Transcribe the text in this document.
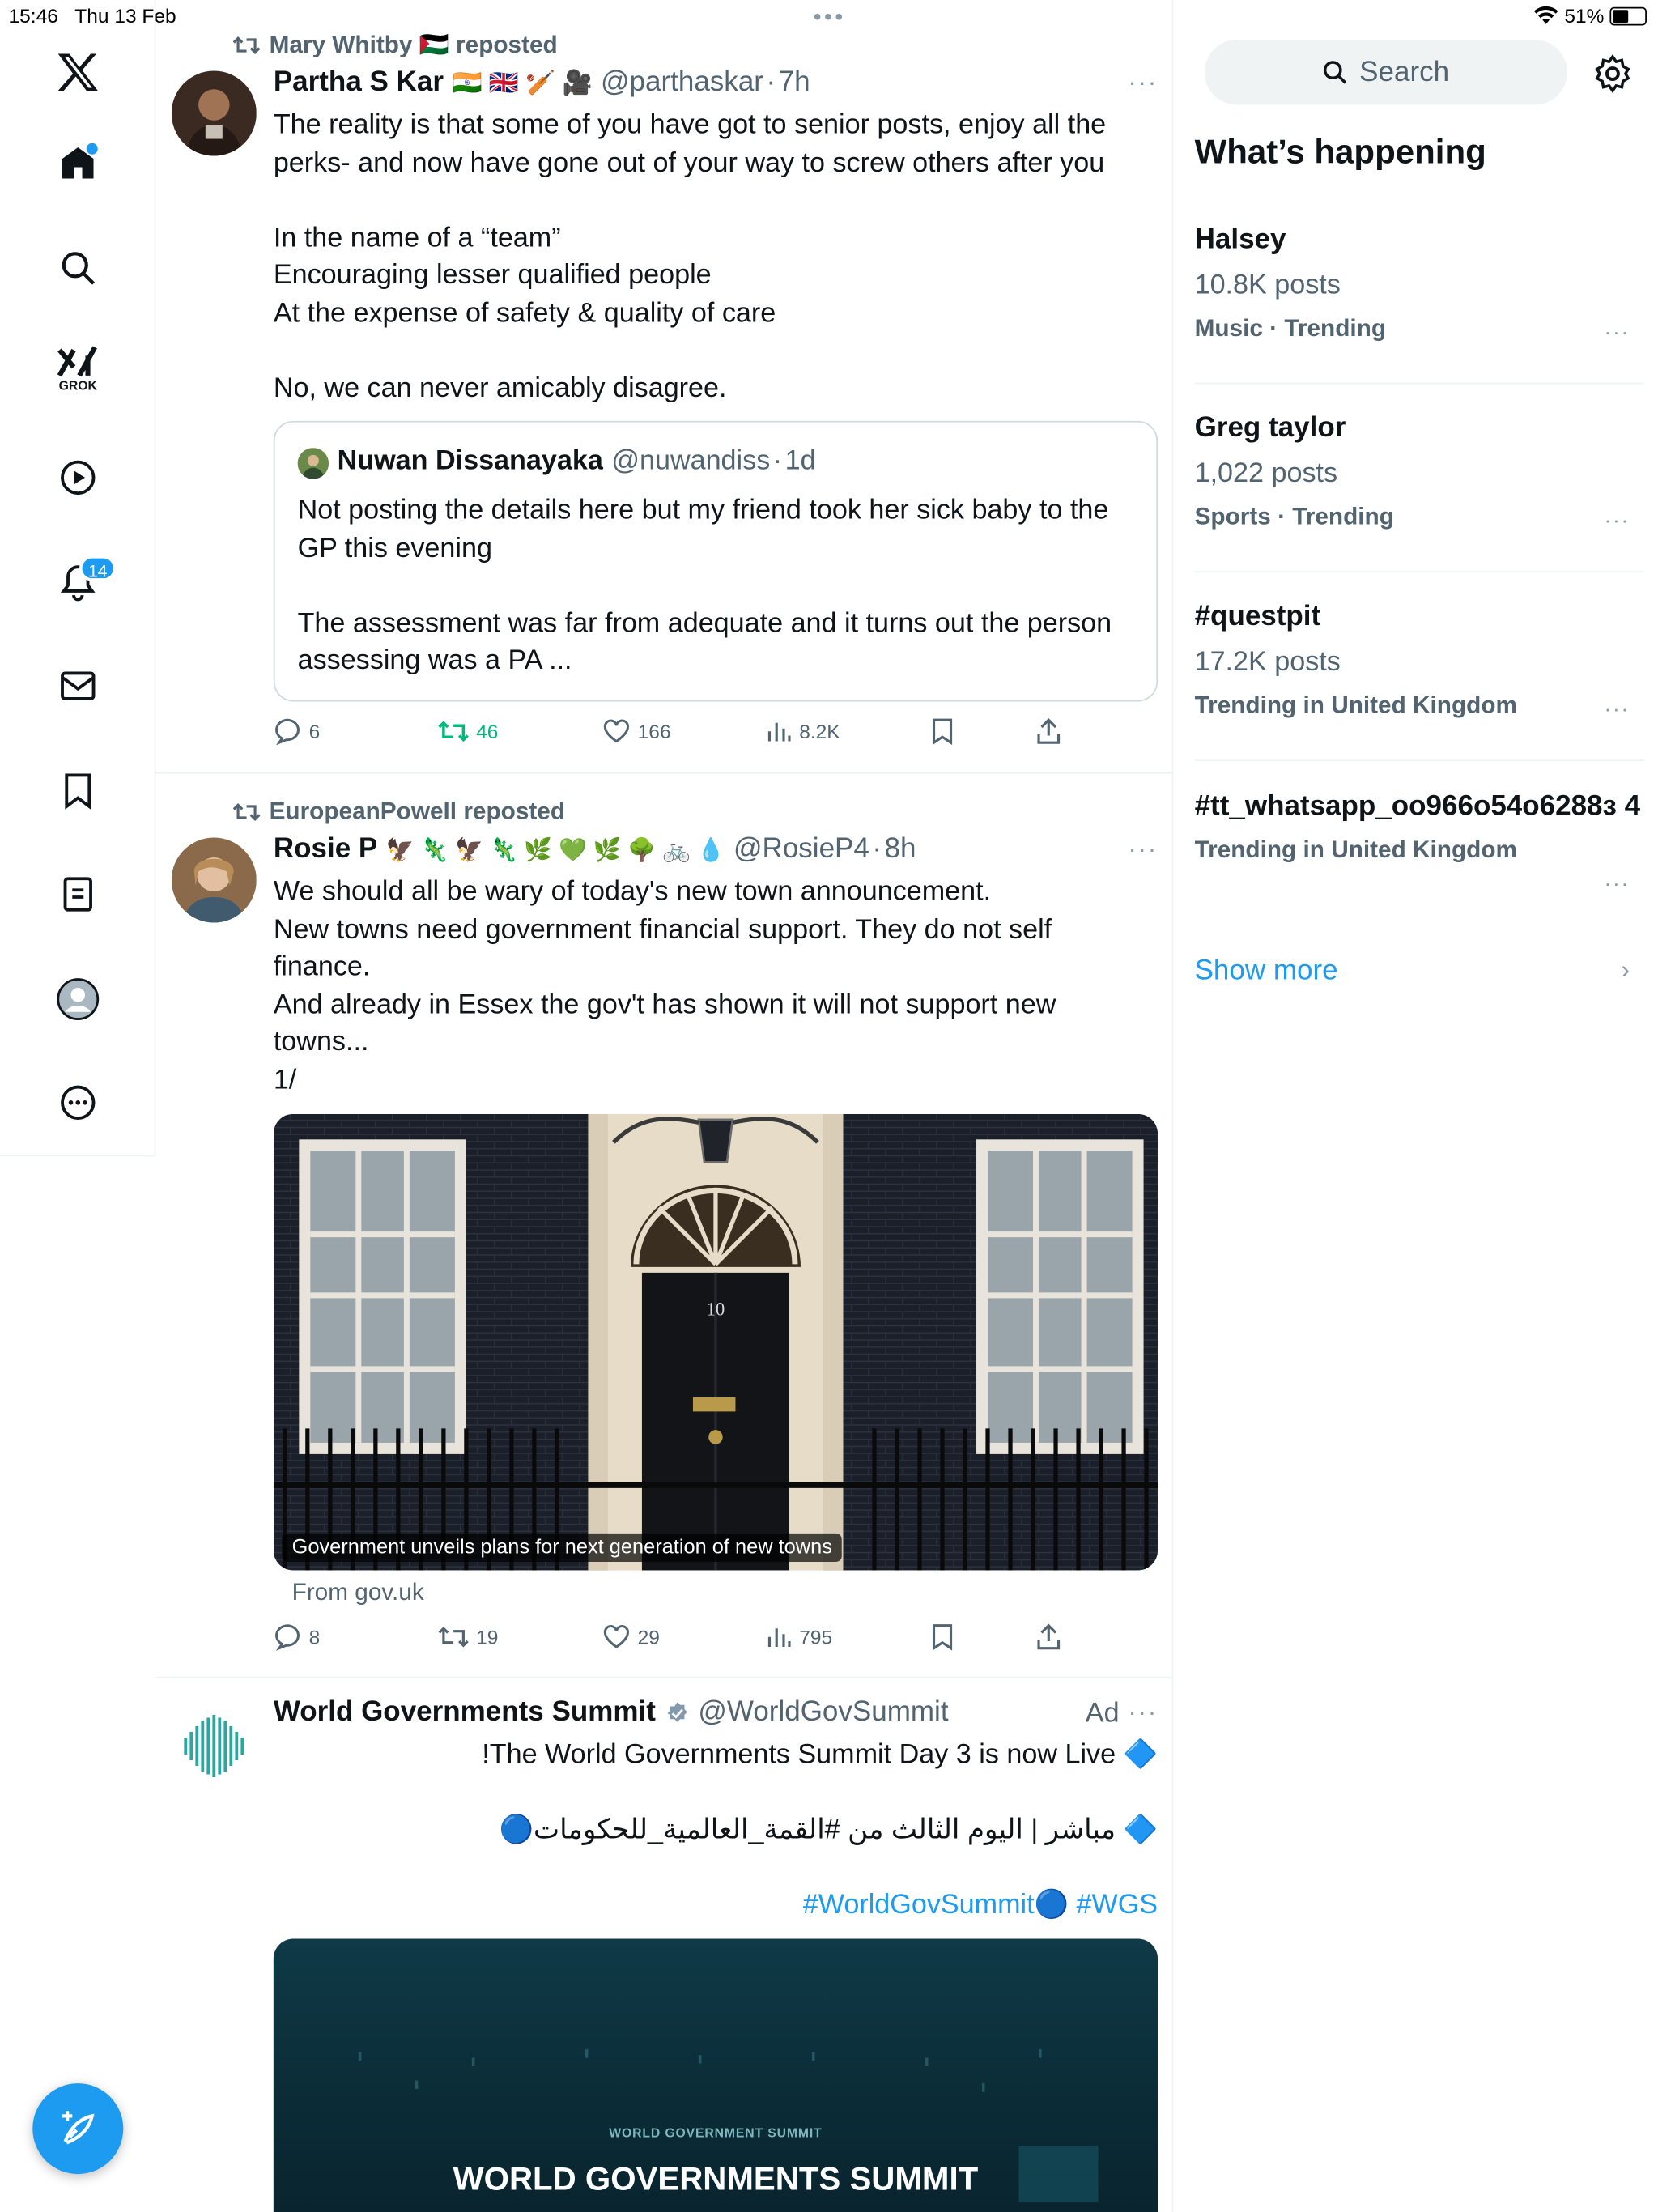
15:46 Thu 13 Feb	•••	51%
GROK
14
Mary Whitby 🇵🇸 reposted
Partha S Kar 🇮🇳 🇬🇧 🏏 🎥 @parthaskar · 7h	···
The reality is that some of you have got to senior posts, enjoy all the
perks- and now have gone out of your way to screw others after you
In the name of a “team”
Encouraging lesser qualified people
At the expense of safety & quality of care
No, we can never amicably disagree.
Nuwan Dissanayaka @nuwandiss · 1d
Not posting the details here but my friend took her sick baby to the
GP this evening
The assessment was far from adequate and it turns out the person
assessing was a PA ...
6	46	166	8.2K
EuropeanPowell reposted
Rosie P 🦅 🦎 🦅 🦎 🌿 💚 🌿 🌳 🚲 💧 @RosieP4 · 8h	···
We should all be wary of today's new town announcement.
New towns need government financial support. They do not self
finance.
And already in Essex the gov't has shown it will not support new
towns...
1/
10
Government unveils plans for next generation of new towns
From gov.uk
8	19	29	795
World Governments Summit	@WorldGovSummit	Ad ···
!The World Governments Summit Day 3 is now Live 🔷
🔷 مباشر | اليوم الثالث من #القمة_العالمية_للحكومات🔵
#WorldGovSummit🔵 #WGS
WORLD GOVERNMENT SUMMIT
WORLD GOVERNMENTS SUMMIT
Search
What’s happening
Halsey
10.8K posts
Music · Trending	···
Greg taylor
1,022 posts
Sports · Trending	···
#questpit
17.2K posts
Trending in United Kingdom	···
#tt_whatsapp_oo966o54o6288з 4
Trending in United Kingdom
···
Show more	›
